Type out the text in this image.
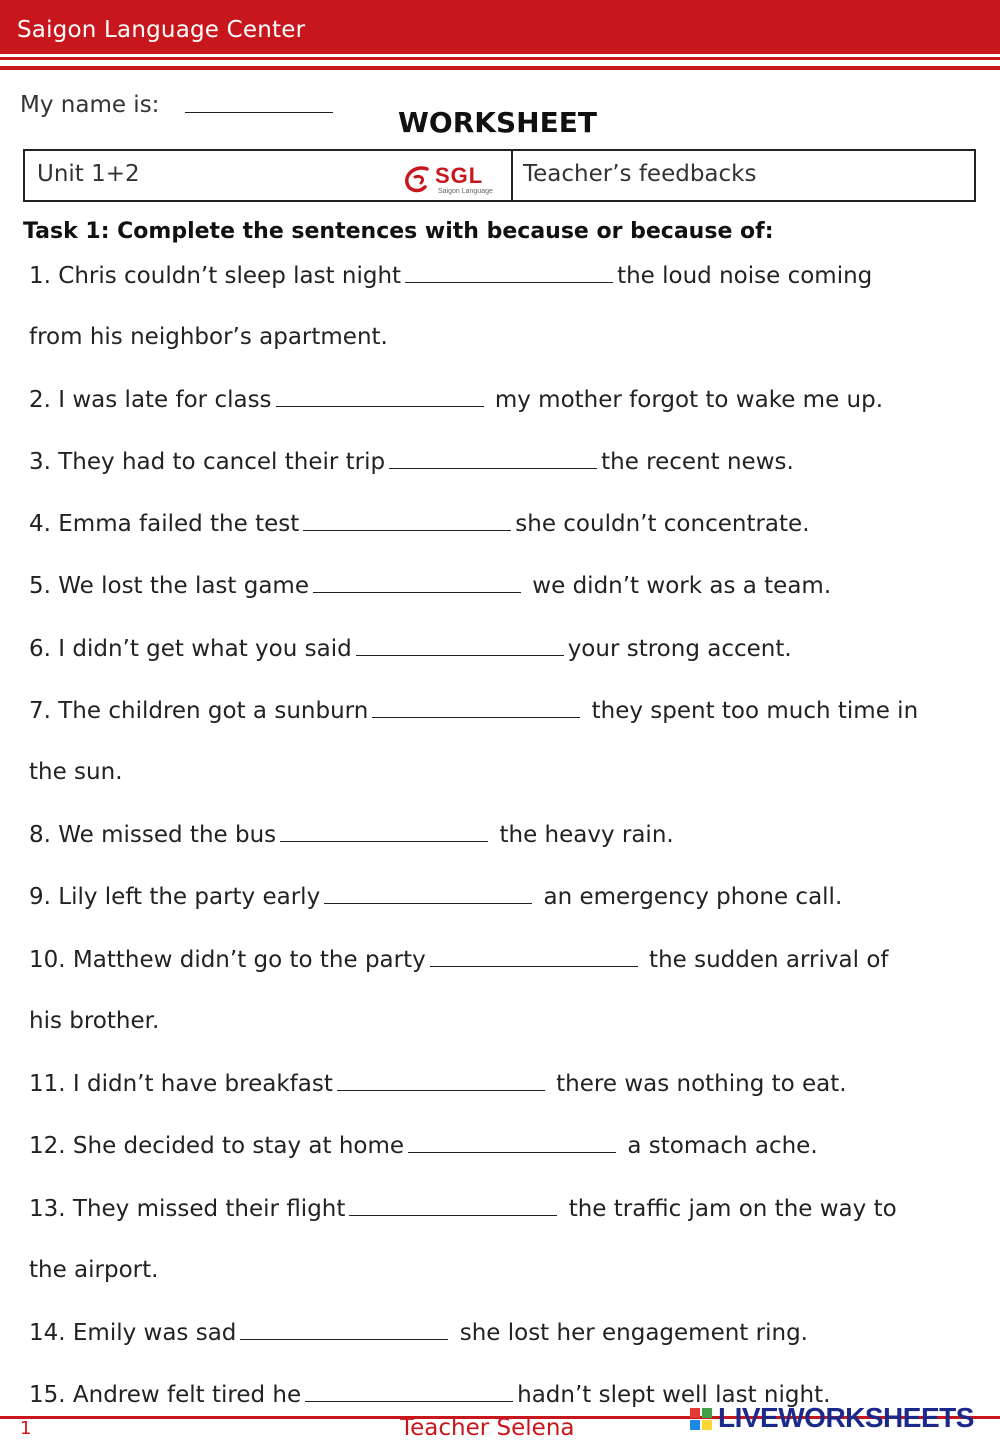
Saigon Language Center
My name is:
WORKSHEET
Unit 1+2	SGL
Saigon Language
Teacher’s feedbacks
Task 1: Complete the sentences with because or because of:
1. Chris couldn’t sleep last night	the loud noise coming
from his neighbor’s apartment.
2. I was late for class	my mother forgot to wake me up.
3. They had to cancel their trip	the recent news.
4. Emma failed the test	she couldn’t concentrate.
5. We lost the last game	we didn’t work as a team.
6. I didn’t get what you said	your strong accent.
7. The children got a sunburn	they spent too much time in
the sun.
8. We missed the bus	the heavy rain.
9. Lily left the party early	an emergency phone call.
10. Matthew didn’t go to the party	the sudden arrival of
his brother.
11. I didn’t have breakfast	there was nothing to eat.
12. She decided to stay at home	a stomach ache.
13. They missed their flight	the traffic jam on the way to
the airport.
14. Emily was sad	she lost her engagement ring.
15. Andrew felt tired he	hadn’t slept well last night.
1	Teacher Selena	LIVEWORKSHEETS
